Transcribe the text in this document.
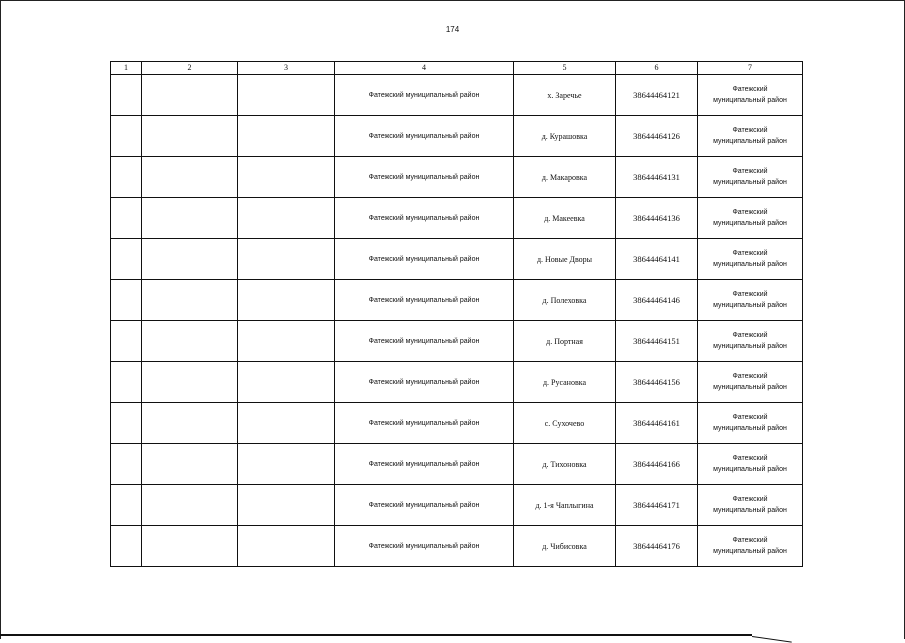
174
1	2	3	4	5	6	7
			Фатежский муниципальный район	х. Заречье	38644464121	Фатежский
муниципальный район

			Фатежский муниципальный район	д. Курашовка	38644464126	Фатежский
муниципальный район

			Фатежский муниципальный район	д. Макаровка	38644464131	Фатежский
муниципальный район

			Фатежский муниципальный район	д. Макеевка	38644464136	Фатежский
муниципальный район

			Фатежский муниципальный район	д. Новые Дворы	38644464141	Фатежский
муниципальный район

			Фатежский муниципальный район	д. Полеховка	38644464146	Фатежский
муниципальный район

			Фатежский муниципальный район	д. Портная	38644464151	Фатежский
муниципальный район

			Фатежский муниципальный район	д. Русановка	38644464156	Фатежский
муниципальный район

			Фатежский муниципальный район	с. Сухочево	38644464161	Фатежский
муниципальный район

			Фатежский муниципальный район	д. Тихоновка	38644464166	Фатежский
муниципальный район

			Фатежский муниципальный район	д. 1-я Чаплыгина	38644464171	Фатежский
муниципальный район

			Фатежский муниципальный район	д. Чибисовка	38644464176	Фатежский
муниципальный район
